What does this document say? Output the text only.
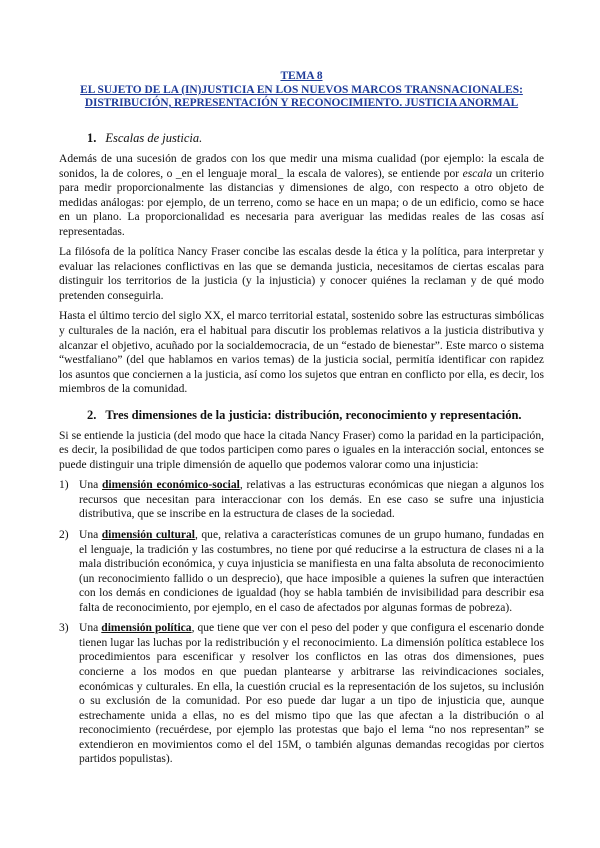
TEMA 8
EL SUJETO DE LA (IN)JUSTICIA EN LOS NUEVOS MARCOS TRANSNACIONALES:
DISTRIBUCIÓN, REPRESENTACIÓN Y RECONOCIMIENTO. JUSTICIA ANORMAL
1. Escalas de justicia.

Además de una sucesión de grados con los que medir una misma cualidad (por ejemplo: la escala de sonidos, la de colores, o _en el lenguaje moral_ la escala de valores), se entiende por escala un criterio para medir proporcionalmente las distancias y dimensiones de algo, con respecto a otro objeto de medidas análogas: por ejemplo, de un terreno, como se hace en un mapa; o de un edificio, como se hace en un plano. La proporcionalidad es necesaria para averiguar las medidas reales de las cosas así representadas.

La filósofa de la política Nancy Fraser concibe las escalas desde la ética y la política, para interpretar y evaluar las relaciones conflictivas en las que se demanda justicia, necesitamos de ciertas escalas para distinguir los territorios de la justicia (y la injusticia) y conocer quiénes la reclaman y de qué modo pretenden conseguirla.

Hasta el último tercio del siglo XX, el marco territorial estatal, sostenido sobre las estructuras simbólicas y culturales de la nación, era el habitual para discutir los problemas relativos a la justicia distributiva y alcanzar el objetivo, acuñado por la socialdemocracia, de un “estado de bienestar”. Este marco o sistema “westfaliano” (del que hablamos en varios temas) de la justicia social, permitía identificar con rapidez los asuntos que conciernen a la justicia, así como los sujetos que entran en conflicto por ella, es decir, los miembros de la comunidad.

2. Tres dimensiones de la justicia: distribución, reconocimiento y representación.

Si se entiende la justicia (del modo que hace la citada Nancy Fraser) como la paridad en la participación, es decir, la posibilidad de que todos participen como pares o iguales en la interacción social, entonces se puede distinguir una triple dimensión de aquello que podemos valorar como una injusticia:

1) Una dimensión económico-social, relativas a las estructuras económicas que niegan a algunos los recursos que necesitan para interaccionar con los demás. En ese caso se sufre una injusticia distributiva, que se inscribe en la estructura de clases de la sociedad.
2) Una dimensión cultural, que, relativa a características comunes de un grupo humano, fundadas en el lenguaje, la tradición y las costumbres, no tiene por qué reducirse a la estructura de clases ni a la mala distribución económica, y cuya injusticia se manifiesta en una falta absoluta de reconocimiento (un reconocimiento fallido o un desprecio), que hace imposible a quienes la sufren que interactúen con los demás en condiciones de igualdad (hoy se habla también de invisibilidad para describir esa falta de reconocimiento, por ejemplo, en el caso de afectados por algunas formas de pobreza).
3) Una dimensión política, que tiene que ver con el peso del poder y que configura el escenario donde tienen lugar las luchas por la redistribución y el reconocimiento. La dimensión política establece los procedimientos para escenificar y resolver los conflictos en las otras dos dimensiones, pues concierne a los modos en que puedan plantearse y arbitrarse las reivindicaciones sociales, económicas y culturales. En ella, la cuestión crucial es la representación de los sujetos, su inclusión o su exclusión de la comunidad. Por eso puede dar lugar a un tipo de injusticia que, aunque estrechamente unida a ellas, no es del mismo tipo que las que afectan a la distribución o al reconocimiento (recuérdese, por ejemplo las protestas que bajo el lema “no nos representan” se extendieron en movimientos como el del 15M, o también algunas demandas recogidas por ciertos partidos populistas).
